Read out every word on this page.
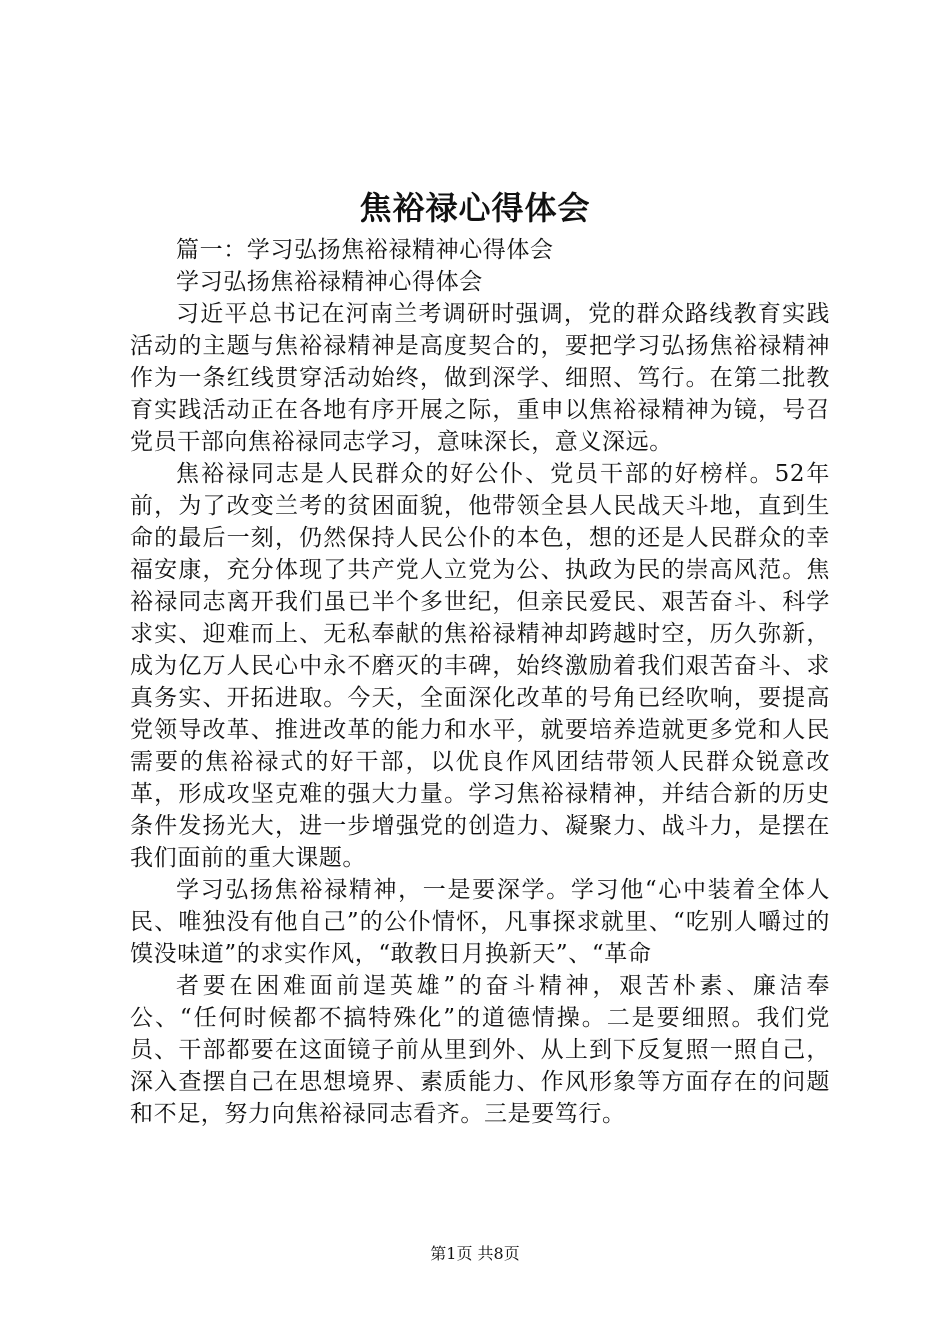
焦裕禄心得体会

篇一：学习弘扬焦裕禄精神心得体会

学习弘扬焦裕禄精神心得体会

习近平总书记在河南兰考调研时强调，党的群众路线教育实践活动的主题与焦裕禄精神是高度契合的，要把学习弘扬焦裕禄精神作为一条红线贯穿活动始终，做到深学、细照、笃行。在第二批教育实践活动正在各地有序开展之际，重申以焦裕禄精神为镜，号召党员干部向焦裕禄同志学习，意味深长，意义深远。

焦裕禄同志是人民群众的好公仆、党员干部的好榜样。52年前，为了改变兰考的贫困面貌，他带领全县人民战天斗地，直到生命的最后一刻，仍然保持人民公仆的本色，想的还是人民群众的幸福安康，充分体现了共产党人立党为公、执政为民的崇高风范。焦裕禄同志离开我们虽已半个多世纪，但亲民爱民、艰苦奋斗、科学求实、迎难而上、无私奉献的焦裕禄精神却跨越时空，历久弥新，成为亿万人民心中永不磨灭的丰碑，始终激励着我们艰苦奋斗、求真务实、开拓进取。今天，全面深化改革的号角已经吹响，要提高党领导改革、推进改革的能力和水平，就要培养造就更多党和人民需要的焦裕禄式的好干部，以优良作风团结带领人民群众锐意改革，形成攻坚克难的强大力量。学习焦裕禄精神，并结合新的历史条件发扬光大，进一步增强党的创造力、凝聚力、战斗力，是摆在我们面前的重大课题。

学习弘扬焦裕禄精神，一是要深学。学习他“心中装着全体人民、唯独没有他自己”的公仆情怀，凡事探求就里、“吃别人嚼过的馍没味道”的求实作风，“敢教日月换新天”、“革命

者要在困难面前逞英雄”的奋斗精神，艰苦朴素、廉洁奉公、“任何时候都不搞特殊化”的道德情操。二是要细照。我们党员、干部都要在这面镜子前从里到外、从上到下反复照一照自己，深入查摆自己在思想境界、素质能力、作风形象等方面存在的问题和不足，努力向焦裕禄同志看齐。三是要笃行。

第1页 共8页
